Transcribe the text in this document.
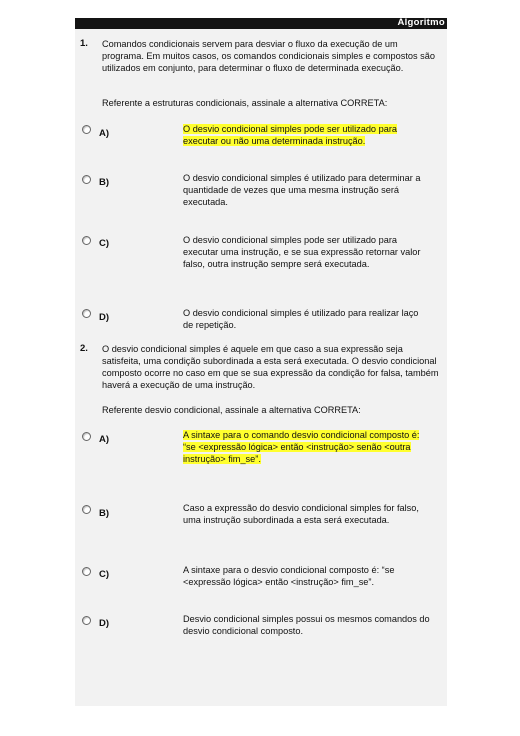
Algoritmo
1. Comandos condicionais servem para desviar o fluxo da execução de um programa. Em muitos casos, os comandos condicionais simples e compostos são utilizados em conjunto, para determinar o fluxo de determinada execução.
Referente a estruturas condicionais, assinale a alternativa CORRETA:
A)	O desvio condicional simples pode ser utilizado para executar ou não uma determinada instrução.
B)	O desvio condicional simples é utilizado para determinar a quantidade de vezes que uma mesma instrução será executada.
C)	O desvio condicional simples pode ser utilizado para executar uma instrução, e se sua expressão retornar valor falso, outra instrução sempre será executada.
D)	O desvio condicional simples é utilizado para realizar laço de repetição.
2. O desvio condicional simples é aquele em que caso a sua expressão seja satisfeita, uma condição subordinada a esta será executada. O desvio condicional composto ocorre no caso em que se sua expressão da condição for falsa, também haverá a execução de uma instrução.
Referente desvio condicional, assinale a alternativa CORRETA:
A)	A sintaxe para o comando desvio condicional composto é: “se <expressão lógica> então <instrução> senão <outra instrução> fim_se”.
B)	Caso a expressão do desvio condicional simples for falso, uma instrução subordinada a esta será executada.
C)	A sintaxe para o desvio condicional composto é: “se <expressão lógica> então <instrução> fim_se”.
D)	Desvio condicional simples possui os mesmos comandos do desvio condicional composto.
